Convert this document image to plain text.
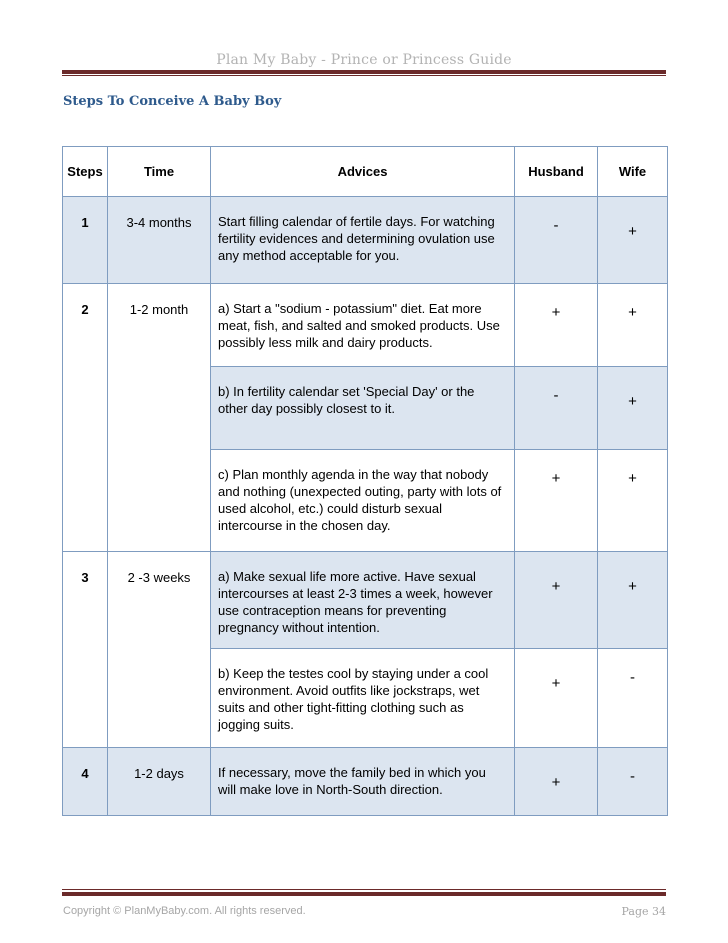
Plan My Baby - Prince or Princess Guide
Steps To Conceive A Baby Boy
Steps	Time	Advices	Husband	Wife
1	3-4 months	Start filling calendar of fertile days. For watching fertility evidences and determining ovulation use any method acceptable for you.	-	+
2	1-2 month	a) Start a "sodium - potassium" diet. Eat more meat, fish, and salted and smoked products. Use possibly less milk and dairy products.	+	+
		b) In fertility calendar set 'Special Day' or the other day possibly closest to it.	-	+
		c) Plan monthly agenda in the way that nobody and nothing (unexpected outing, party with lots of used alcohol, etc.) could disturb sexual intercourse in the chosen day.	+	+
3	2 -3 weeks	a) Make sexual life more active. Have sexual intercourses at least 2-3 times a week, however use contraception means for preventing pregnancy without intention.	+	+
		b) Keep the testes cool by staying under a cool environment. Avoid outfits like jockstraps, wet suits and other tight-fitting clothing such as jogging suits.	+	-
4	1-2 days	If necessary, move the family bed in which you will make love in North-South direction.	+	-
Copyright © PlanMyBaby.com. All rights reserved.	Page 34
